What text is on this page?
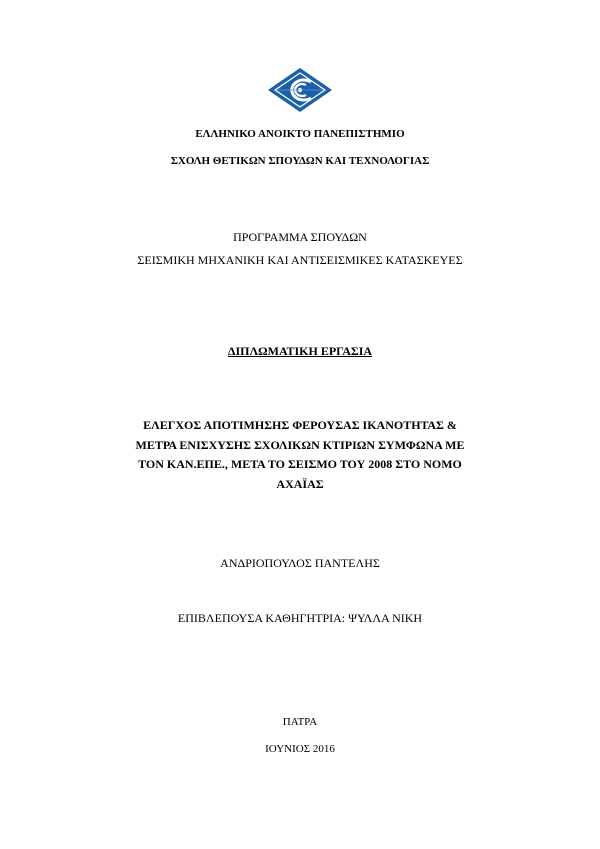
ΕΛΛΗΝΙΚΟ ΑΝΟΙΚΤΟ ΠΑΝΕΠΙΣΤΗΜΙΟ
ΣΧΟΛΗ ΘΕΤΙΚΩΝ ΣΠΟΥΔΩΝ ΚΑΙ ΤΕΧΝΟΛΟΓΙΑΣ
ΠΡΟΓΡΑΜΜΑ ΣΠΟΥΔΩΝ
ΣΕΙΣΜΙΚΗ ΜΗΧΑΝΙΚΗ ΚΑΙ ΑΝΤΙΣΕΙΣΜΙΚΕΣ ΚΑΤΑΣΚΕΥΕΣ
ΔΙΠΛΩΜΑΤΙΚΗ ΕΡΓΑΣΙΑ
ΕΛΕΓΧΟΣ ΑΠΟΤΙΜΗΣΗΣ ΦΕΡΟΥΣΑΣ ΙΚΑΝΟΤΗΤΑΣ &
ΜΕΤΡΑ ΕΝΙΣΧΥΣΗΣ ΣΧΟΛΙΚΩΝ ΚΤΙΡΙΩΝ ΣΥΜΦΩΝΑ ΜΕ
ΤΟΝ ΚΑΝ.ΕΠΕ., ΜΕΤΑ ΤΟ ΣΕΙΣΜΟ ΤΟΥ 2008 ΣΤΟ ΝΟΜΟ
ΑΧΑΪΑΣ
ΑΝΔΡΙΟΠΟΥΛΟΣ ΠΑΝΤΕΛΗΣ
ΕΠΙΒΛΕΠΟΥΣΑ ΚΑΘΗΓΗΤΡΙΑ: ΨΥΛΛΑ ΝΙΚΗ
ΠΑΤΡΑ
ΙΟΥΝΙΟΣ 2016
